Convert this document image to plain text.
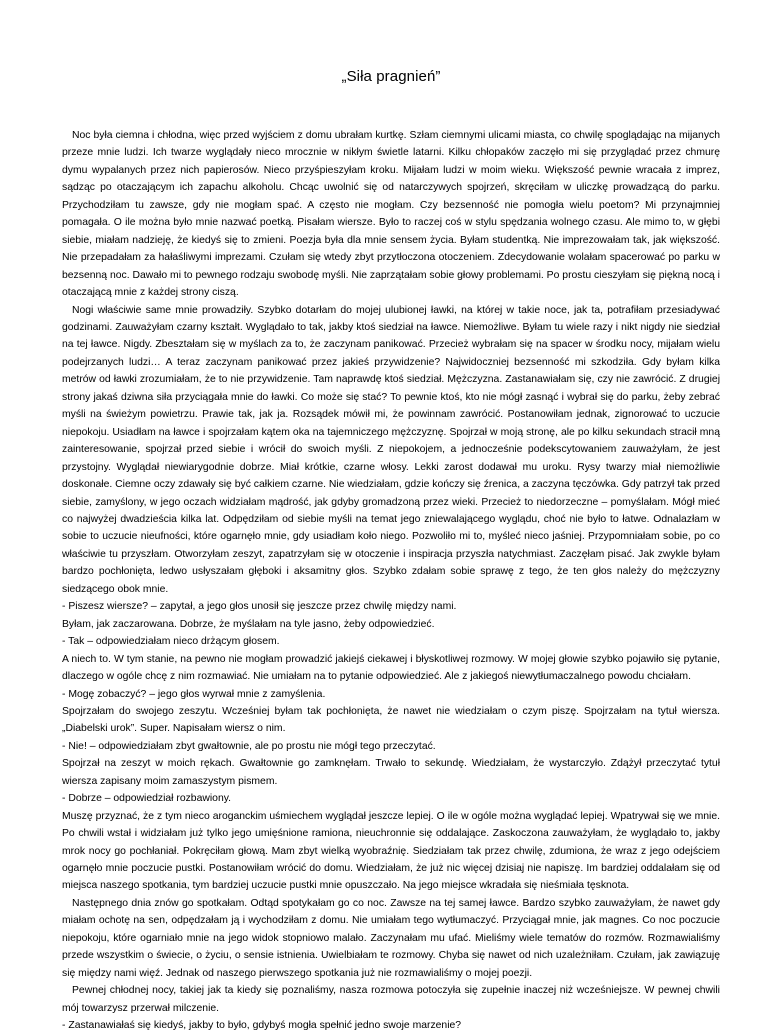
„Siła pragnień”

Noc była ciemna i chłodna, więc przed wyjściem z domu ubrałam kurtkę. Szłam ciemnymi ulicami miasta, co chwilę spoglądając na mijanych przeze mnie ludzi. Ich twarze wyglądały nieco mrocznie w nikłym świetle latarni. Kilku chłopaków zaczęło mi się przyglądać przez chmurę dymu wypalanych przez nich papierosów. Nieco przyśpieszyłam kroku. Mijałam ludzi w moim wieku. Większość pewnie wracała z imprez, sądząc po otaczającym ich zapachu alkoholu. Chcąc uwolnić się od natarczywych spojrzeń, skręciłam w uliczkę prowadzącą do parku. Przychodziłam tu zawsze, gdy nie mogłam spać. A często nie mogłam. Czy bezsenność nie pomogła wielu poetom? Mi przynajmniej pomagała. O ile można było mnie nazwać poetką. Pisałam wiersze. Było to raczej coś w stylu spędzania wolnego czasu. Ale mimo to, w głębi siebie, miałam nadzieję, że kiedyś się to zmieni. Poezja była dla mnie sensem życia. Byłam studentką. Nie imprezowałam tak, jak większość. Nie przepadałam za hałaśliwymi imprezami. Czułam się wtedy zbyt przytłoczona otoczeniem. Zdecydowanie wolałam spacerować po parku w bezsenną noc. Dawało mi to pewnego rodzaju swobodę myśli. Nie zaprzątałam sobie głowy problemami. Po prostu cieszyłam się piękną nocą i otaczającą mnie z każdej strony ciszą.

Nogi właściwie same mnie prowadziły. Szybko dotarłam do mojej ulubionej ławki, na której w takie noce, jak ta, potrafiłam przesiadywać godzinami. Zauważyłam czarny kształt. Wyglądało to tak, jakby ktoś siedział na ławce. Niemożliwe. Byłam tu wiele razy i nikt nigdy nie siedział na tej ławce. Nigdy. Zbeształam się w myślach za to, że zaczynam panikować. Przecież wybrałam się na spacer w środku nocy, mijałam wielu podejrzanych ludzi… A teraz zaczynam panikować przez jakieś przywidzenie? Najwidoczniej bezsenność mi szkodziła. Gdy byłam kilka metrów od ławki zrozumiałam, że to nie przywidzenie. Tam naprawdę ktoś siedział. Mężczyzna. Zastanawiałam się, czy nie zawrócić. Z drugiej strony jakaś dziwna siła przyciągała mnie do ławki. Co może się stać? To pewnie ktoś, kto nie mógł zasnąć i wybrał się do parku, żeby zebrać myśli na świeżym powietrzu. Prawie tak, jak ja. Rozsądek mówił mi, że powinnam zawrócić. Postanowiłam jednak, zignorować to uczucie niepokoju. Usiadłam na ławce i spojrzałam kątem oka na tajemniczego mężczyznę. Spojrzał w moją stronę, ale po kilku sekundach stracił mną zainteresowanie, spojrzał przed siebie i wrócił do swoich myśli. Z niepokojem, a jednocześnie podekscytowaniem zauważyłam, że jest przystojny. Wyglądał niewiarygodnie dobrze. Miał krótkie, czarne włosy. Lekki zarost dodawał mu uroku. Rysy twarzy miał niemożliwie doskonałe. Ciemne oczy zdawały się być całkiem czarne. Nie wiedziałam, gdzie kończy się źrenica, a zaczyna tęczówka. Gdy patrzył tak przed siebie, zamyślony, w jego oczach widziałam mądrość, jak gdyby gromadzoną przez wieki. Przecież to niedorzeczne – pomyślałam. Mógł mieć co najwyżej dwadzieścia kilka lat. Odpędziłam od siebie myśli na temat jego zniewalającego wyglądu, choć nie było to łatwe. Odnalazłam w sobie to uczucie nieufności, które ogarnęło mnie, gdy usiadłam koło niego. Pozwoliło mi to, myśleć nieco jaśniej. Przypomniałam sobie, po co właściwie tu przyszłam. Otworzyłam zeszyt, zapatrzyłam się w otoczenie i inspiracja przyszła natychmiast. Zaczęłam pisać. Jak zwykle byłam bardzo pochłonięta, ledwo usłyszałam głęboki i aksamitny głos. Szybko zdałam sobie sprawę z tego, że ten głos należy do mężczyzny siedzącego obok mnie.

- Piszesz wiersze? – zapytał, a jego głos unosił się jeszcze przez chwilę między nami.

Byłam, jak zaczarowana. Dobrze, że myślałam na tyle jasno, żeby odpowiedzieć.

- Tak – odpowiedziałam nieco drżącym głosem.

A niech to. W tym stanie, na pewno nie mogłam prowadzić jakiejś ciekawej i błyskotliwej rozmowy. W mojej głowie szybko pojawiło się pytanie, dlaczego w ogóle chcę z nim rozmawiać. Nie umiałam na to pytanie odpowiedzieć. Ale z jakiegoś niewytłumaczalnego powodu chciałam.

- Mogę zobaczyć? – jego głos wyrwał mnie z zamyślenia.

Spojrzałam do swojego zeszytu. Wcześniej byłam tak pochłonięta, że nawet nie wiedziałam o czym piszę. Spojrzałam na tytuł wiersza. „Diabelski urok”. Super. Napisałam wiersz o nim.

- Nie! – odpowiedziałam zbyt gwałtownie, ale po prostu nie mógł tego przeczytać.

Spojrzał na zeszyt w moich rękach. Gwałtownie go zamknęłam. Trwało to sekundę. Wiedziałam, że wystarczyło. Zdążył przeczytać tytuł wiersza zapisany moim zamaszystym pismem.

- Dobrze – odpowiedział rozbawiony.

Muszę przyznać, że z tym nieco aroganckim uśmiechem wyglądał jeszcze lepiej. O ile w ogóle można wyglądać lepiej. Wpatrywał się we mnie. Po chwili wstał i widziałam już tylko jego umięśnione ramiona, nieuchronnie się oddalające. Zaskoczona zauważyłam, że wyglądało to, jakby mrok nocy go pochłaniał. Pokręciłam głową. Mam zbyt wielką wyobraźnię. Siedziałam tak przez chwilę, zdumiona, że wraz z jego odejściem ogarnęło mnie poczucie pustki. Postanowiłam wrócić do domu. Wiedziałam, że już nic więcej dzisiaj nie napiszę. Im bardziej oddalałam się od miejsca naszego spotkania, tym bardziej uczucie pustki mnie opuszczało. Na jego miejsce wkradała się nieśmiała tęsknota.

Następnego dnia znów go spotkałam. Odtąd spotykałam go co noc. Zawsze na tej samej ławce. Bardzo szybko zauważyłam, że nawet gdy miałam ochotę na sen, odpędzałam ją i wychodziłam z domu. Nie umiałam tego wytłumaczyć. Przyciągał mnie, jak magnes. Co noc poczucie niepokoju, które ogarniało mnie na jego widok stopniowo malało. Zaczynałam mu ufać. Mieliśmy wiele tematów do rozmów. Rozmawialiśmy przede wszystkim o świecie, o życiu, o sensie istnienia. Uwielbiałam te rozmowy. Chyba się nawet od nich uzależniłam. Czułam, jak zawiązuję się między nami więź. Jednak od naszego pierwszego spotkania już nie rozmawialiśmy o mojej poezji.

Pewnej chłodnej nocy, takiej jak ta kiedy się poznaliśmy, nasza rozmowa potoczyła się zupełnie inaczej niż wcześniejsze. W pewnej chwili mój towarzysz przerwał milczenie.

- Zastanawiałaś się kiedyś, jakby to było, gdybyś mogła spełnić jedno swoje marzenie?
